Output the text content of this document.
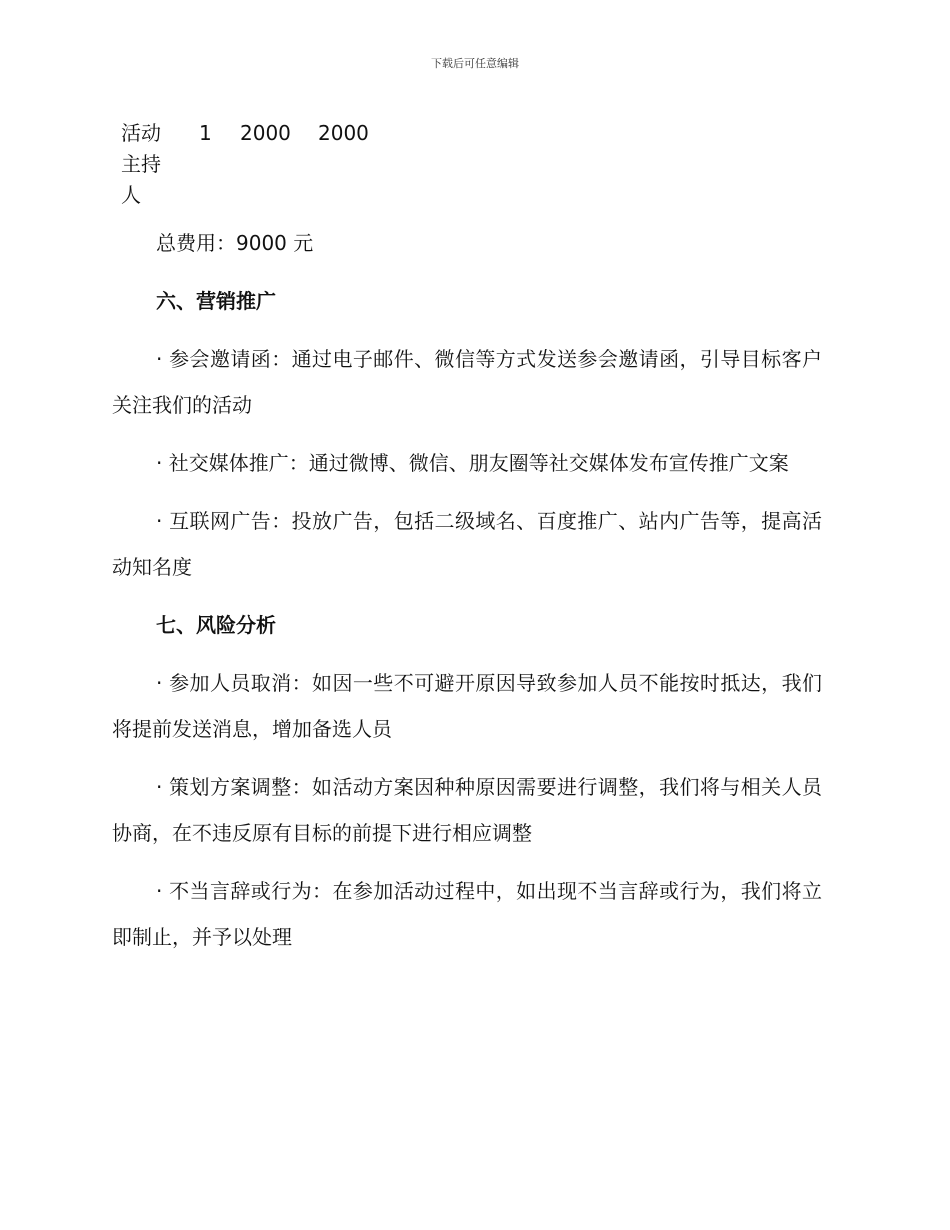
下载后可任意编辑
活动主持人
1 2000 2000

总费用：9000 元

六、营销推广

· 参会邀请函：通过电子邮件、微信等方式发送参会邀请函，引导目标客户关注我们的活动

· 社交媒体推广：通过微博、微信、朋友圈等社交媒体发布宣传推广文案

· 互联网广告：投放广告，包括二级域名、百度推广、站内广告等，提高活动知名度

七、风险分析

· 参加人员取消：如因一些不可避开原因导致参加人员不能按时抵达，我们将提前发送消息，增加备选人员

· 策划方案调整：如活动方案因种种原因需要进行调整，我们将与相关人员协商，在不违反原有目标的前提下进行相应调整

· 不当言辞或行为：在参加活动过程中，如出现不当言辞或行为，我们将立即制止，并予以处理
